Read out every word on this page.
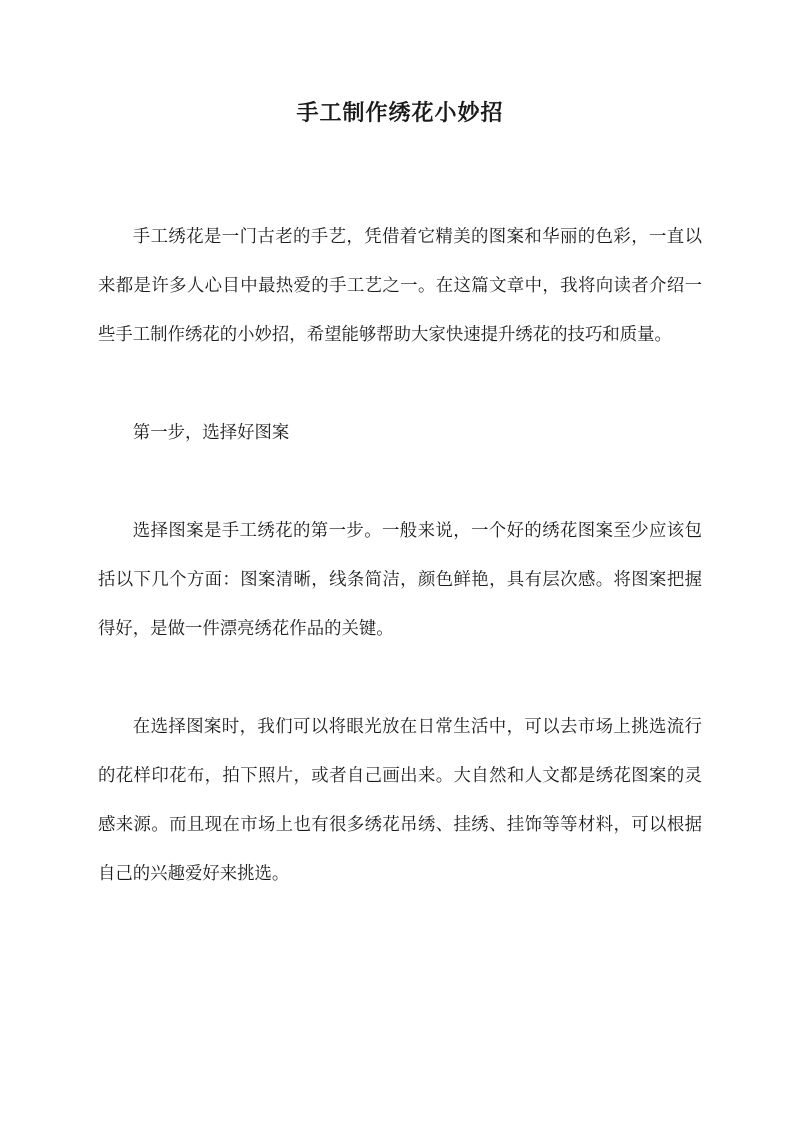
手工制作绣花小妙招

手工绣花是一门古老的手艺，凭借着它精美的图案和华丽的色彩，一直以来都是许多人心目中最热爱的手工艺之一。在这篇文章中，我将向读者介绍一些手工制作绣花的小妙招，希望能够帮助大家快速提升绣花的技巧和质量。

第一步，选择好图案

选择图案是手工绣花的第一步。一般来说，一个好的绣花图案至少应该包括以下几个方面：图案清晰，线条简洁，颜色鲜艳，具有层次感。将图案把握得好，是做一件漂亮绣花作品的关键。

在选择图案时，我们可以将眼光放在日常生活中，可以去市场上挑选流行的花样印花布，拍下照片，或者自己画出来。大自然和人文都是绣花图案的灵感来源。而且现在市场上也有很多绣花吊绣、挂绣、挂饰等等材料，可以根据自己的兴趣爱好来挑选。
